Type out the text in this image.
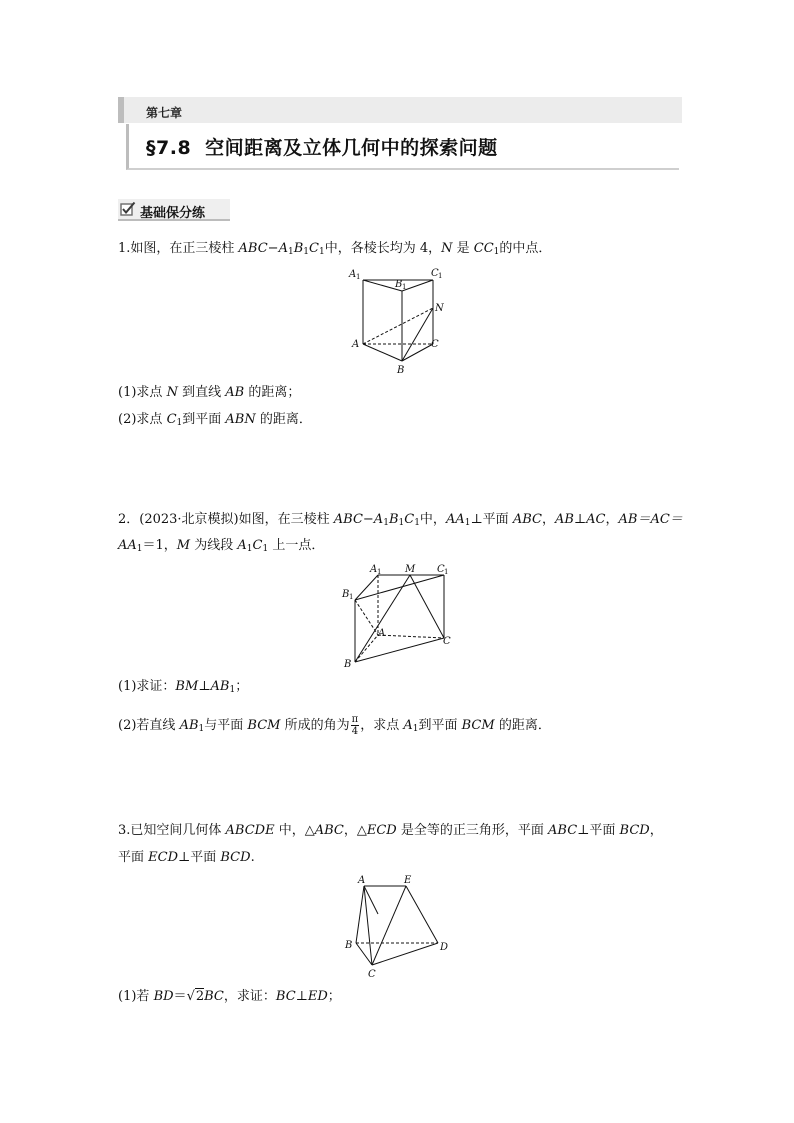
第七章
§7.8 空间距离及立体几何中的探索问题
基础保分练
1.如图，在正三棱柱 $ABC-A_1B_1C_1$中，各棱长均为 4，N 是 $CC_1$的中点．
A 1
B 1
C 1
N
A	C
B
(1)求点 N 到直线 AB 的距离；
(2)求点 $C_1$到平面 ABN 的距离．
2．(2023·北京模拟)如图，在三棱柱 $ABC-A_1B_1C_1$中，$AA_1\perp$平面 ABC，AB⊥AC，AB＝AC＝
$AA_1=1$，M 为线段 $A_1C_1$ 上一点．
A 1 M C 1
B 1
A
C
B
(1)求证：$BM\perp AB_1$；
(2)若直线 $AB_1$与平面 BCM 所成的角为 $\frac{\pi}{4}$ ，求点 $A_1$到平面 BCM 的距离．
3.已知空间几何体 ABCDE 中，△ABC，△ECD 是全等的正三角形，平面 ABC⊥平面 BCD，
平面 ECD⊥平面 BCD.
A	E
B	D
C
(1)若 BD＝√2BC，求证：BC⊥ED；
